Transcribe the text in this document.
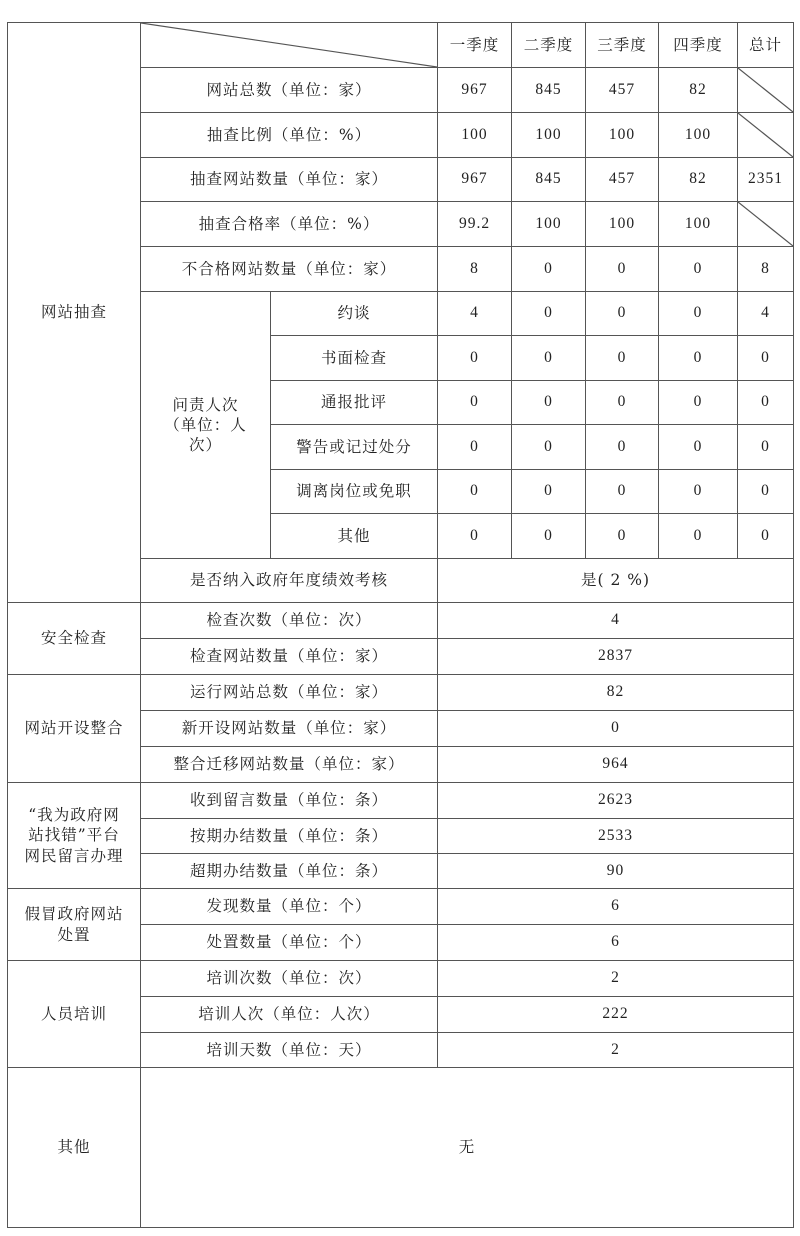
网站抽查			一季度	二季度	三季度	四季度	总计
	网站总数（单位：家）		967	845	457	82	

	抽查比例（单位：%）		100	100	100	100	

	抽查网站数量（单位：家）		967	845	457	82	2351
	抽查合格率（单位：%）		99.2	100	100	100	

	不合格网站数量（单位：家）		8	0	0	0	8

	问责人次
（单位：人
次）	约谈	4	0	0	0	4
		书面检查	0	0	0	0	0
		通报批评	0	0	0	0	0
		警告或记过处分	0	0	0	0	0
		调离岗位或免职	0	0	0	0	0
		其他	0	0	0	0	0
	是否纳入政府年度绩效考核		是( 2 %)				
安全检查	检查次数（单位：次）		4				
	检查网站数量（单位：家）		2837				
网站开设整合	运行网站总数（单位：家）		82				
	新开设网站数量（单位：家）		0				
	整合迁移网站数量（单位：家）		964				

“我为政府网
站找错”平台
网民留言办理	收到留言数量（单位：条）		2623				
	按期办结数量（单位：条）		2533				
	超期办结数量（单位：条）		90				

假冒政府网站
处置	发现数量（单位：个）		6				
	处置数量（单位：个）		6				
人员培训	培训次数（单位：次）		2				
	培训人次（单位：人次）		222				
	培训天数（单位：天）		2				
其他	无						
